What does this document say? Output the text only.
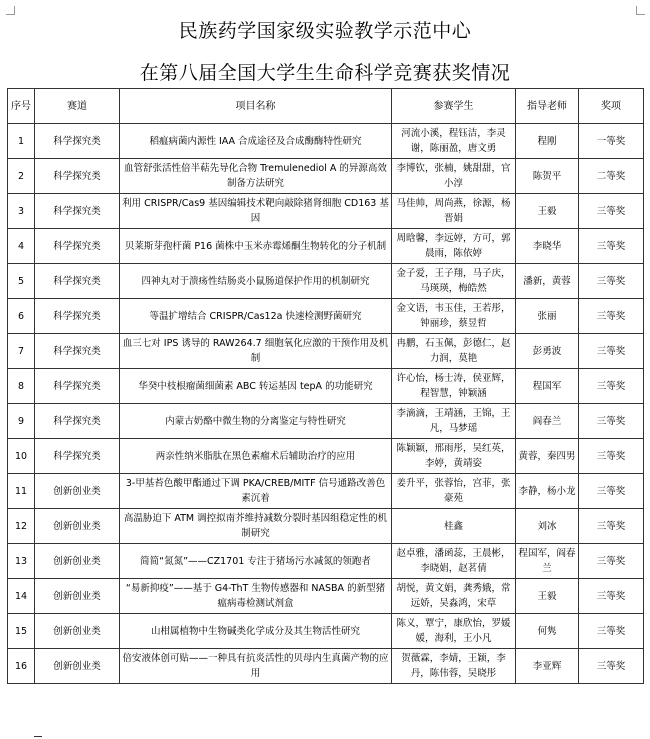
民族药学国家级实验教学示范中心
在第八届全国大学生生命科学竞赛获奖情况
序号	赛道	项目名称	参赛学生	指导老师	奖项
1	科学探究类	稻瘟病菌内源性 IAA 合成途径及合成酶酶特性研究	河流小溪，程钰洁，李灵谢，陈丽盈，唐文勇	程刚	一等奖
2	科学探究类	血管舒张活性倍半萜先导化合物 Tremulenediol A 的异源高效制备方法研究	李博钦，张楠，姚甜甜，官小淳	陈贺平	二等奖
3	科学探究类	利用 CRISPR/Cas9 基因编辑技术靶向敲除猪肾细胞 CD163 基因	马佳帅，周尚燕，徐源，杨晋娟	王毅	三等奖
4	科学探究类	贝莱斯芽孢杆菌 P16 菌株中玉米赤霉烯酮生物转化的分子机制	周晗馨，李远婷，方可，郭晨雨，陈依婷	李晓华	三等奖
5	科学探究类	四神丸对于溃疡性结肠炎小鼠肠道保护作用的机制研究	金子爱，王子翔，马子庆，马瑛瑛，梅皓然	潘新，黄蓉	三等奖
6	科学探究类	等温扩增结合 CRISPR/Cas12a 快速检测野菌研究	金文语，韦玉佳，王若彤，钟丽珍，蔡昱哲	张丽	三等奖
7	科学探究类	血三七对 IPS 诱导的 RAW264.7 细胞氧化应激的干预作用及机制	冉鹏，石玉佩，彭德仁，赵力润，莫艳	彭勇波	三等奖
8	科学探究类	华癸中枝根瘤菌细菌素 ABC 转运基因 tepA 的功能研究	许心怡，杨士涛，侯亚辉，程智慧，钟颖涵	程国军	三等奖
9	科学探究类	内蒙古奶酪中微生物的分离鉴定与特性研究	李滴滴，王靖涵，王锦，王凡，马梦瑶	阎春兰	三等奖
10	科学探究类	两亲性纳米脂肽在黑色素瘤术后辅助治疗的应用	陈颖颖，邢雨彤，吴红英，李婷，黄靖姿	黄蓉，秦四男	三等奖
11	创新创业类	3-甲基苔色酸甲酯通过下调 PKA/CREB/MITF 信号通路改善色素沉着	姜升平，张蓉怡，宫菲，张豪苑	李静，杨小龙	三等奖
12	创新创业类	高温胁迫下 ATM 调控拟南芥维持减数分裂时基因组稳定性的机制研究	桂鑫	刘冰	三等奖
13	创新创业类	简简“氮氮”——CZ1701 专注于猪场污水减氮的领跑者	赵卓雅，潘函蕊，王晨彬，李晓娟，赵茗倩	程国军，阎春兰	三等奖
14	创新创业类	“易新抑疫”——基于 G4-ThT 生物传感器和 NASBA 的新型猪瘟病毒检测试剂盒	胡悦，黄文娟，龚秀娥，常远娇，吴淼鸿，宋草	王毅	三等奖
15	创新创业类	山柑属植物中生物碱类化学成分及其生物活性研究	陈义，覃宁，康欣怡，罗媛媛，海利，王小凡	何隽	三等奖
16	创新创业类	倍安液体创可贴——一种具有抗炎活性的贝母内生真菌产物的应用	贺薇霖，李婧，王颖，李丹，陈伟蓉，吴晓彤	李亚辉	三等奖
